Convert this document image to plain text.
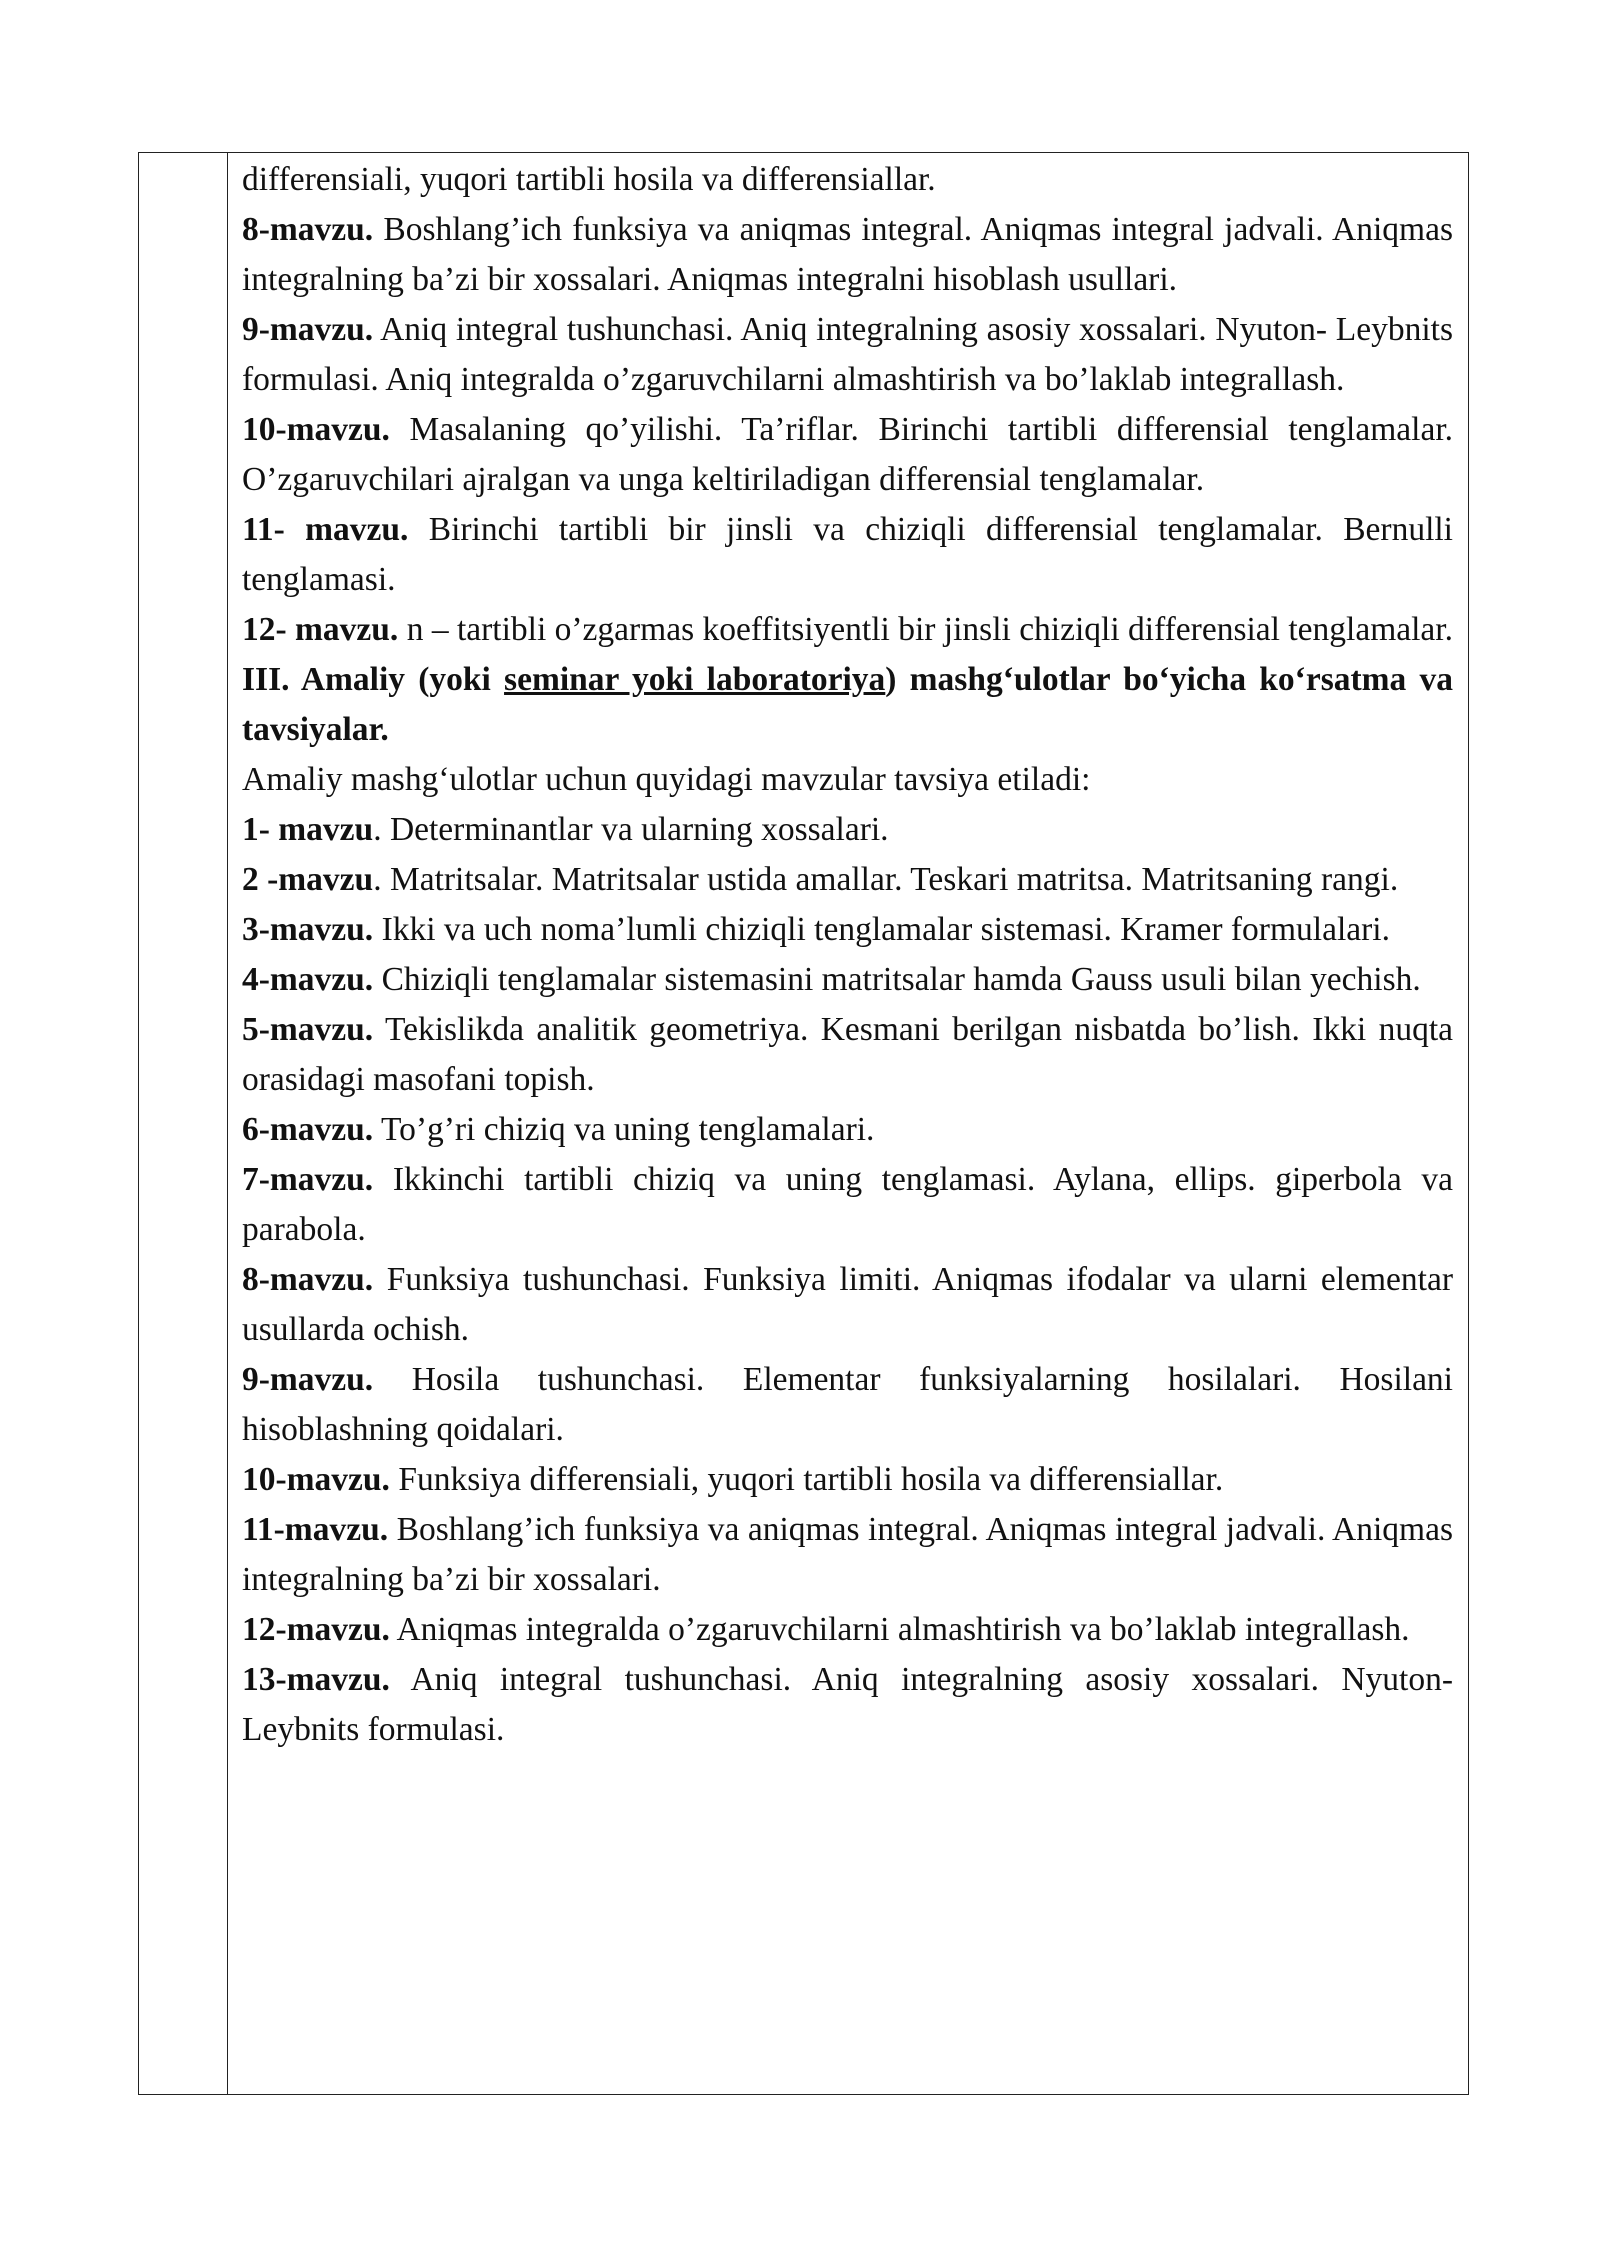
differensiali, yuqori tartibli hosila va differensiallar.

8-mavzu. Boshlang’ich funksiya va aniqmas integral. Aniqmas integral jadvali. Aniqmas integralning ba’zi bir xossalari. Aniqmas integralni hisoblash usullari.

9-mavzu. Aniq integral tushunchasi. Aniq integralning asosiy xossalari. Nyuton- Leybnits formulasi. Aniq integralda o’zgaruvchilarni almashtirish va bo’laklab integrallash.

10-mavzu. Masalaning qo’yilishi. Ta’riflar. Birinchi tartibli differensial tenglamalar. O’zgaruvchilari ajralgan va unga keltiriladigan differensial tenglamalar.

11- mavzu. Birinchi tartibli bir jinsli va chiziqli differensial tenglamalar. Bernulli tenglamasi.

12- mavzu. n – tartibli o’zgarmas koeffitsiyentli bir jinsli chiziqli differensial tenglamalar.

III. Amaliy (yoki seminar yoki laboratoriya) mashg‘ulotlar bo‘yicha ko‘rsatma va tavsiyalar.

Amaliy mashg‘ulotlar uchun quyidagi mavzular tavsiya etiladi:

1- mavzu. Determinantlar va ularning xossalari.

2 -mavzu. Matritsalar. Matritsalar ustida amallar. Teskari matritsa. Matritsaning rangi.

3-mavzu. Ikki va uch noma’lumli chiziqli tenglamalar sistemasi. Kramer formulalari.

4-mavzu. Chiziqli tenglamalar sistemasini matritsalar hamda Gauss usuli bilan yechish.

5-mavzu. Tekislikda analitik geometriya. Kesmani berilgan nisbatda bo’lish. Ikki nuqta orasidagi masofani topish.

6-mavzu. To’g’ri chiziq va uning tenglamalari.

7-mavzu. Ikkinchi tartibli chiziq va uning tenglamasi. Aylana, ellips. giperbola va parabola.

8-mavzu. Funksiya tushunchasi. Funksiya limiti. Aniqmas ifodalar va ularni elementar usullarda ochish.

9-mavzu. Hosila tushunchasi. Elementar funksiyalarning hosilalari. Hosilani hisoblashning qoidalari.

10-mavzu. Funksiya differensiali, yuqori tartibli hosila va differensiallar.

11-mavzu. Boshlang’ich funksiya va aniqmas integral. Aniqmas integral jadvali. Aniqmas integralning ba’zi bir xossalari.

12-mavzu. Aniqmas integralda o’zgaruvchilarni almashtirish va bo’laklab integrallash.

13-mavzu. Aniq integral tushunchasi. Aniq integralning asosiy xossalari. Nyuton- Leybnits formulasi.
